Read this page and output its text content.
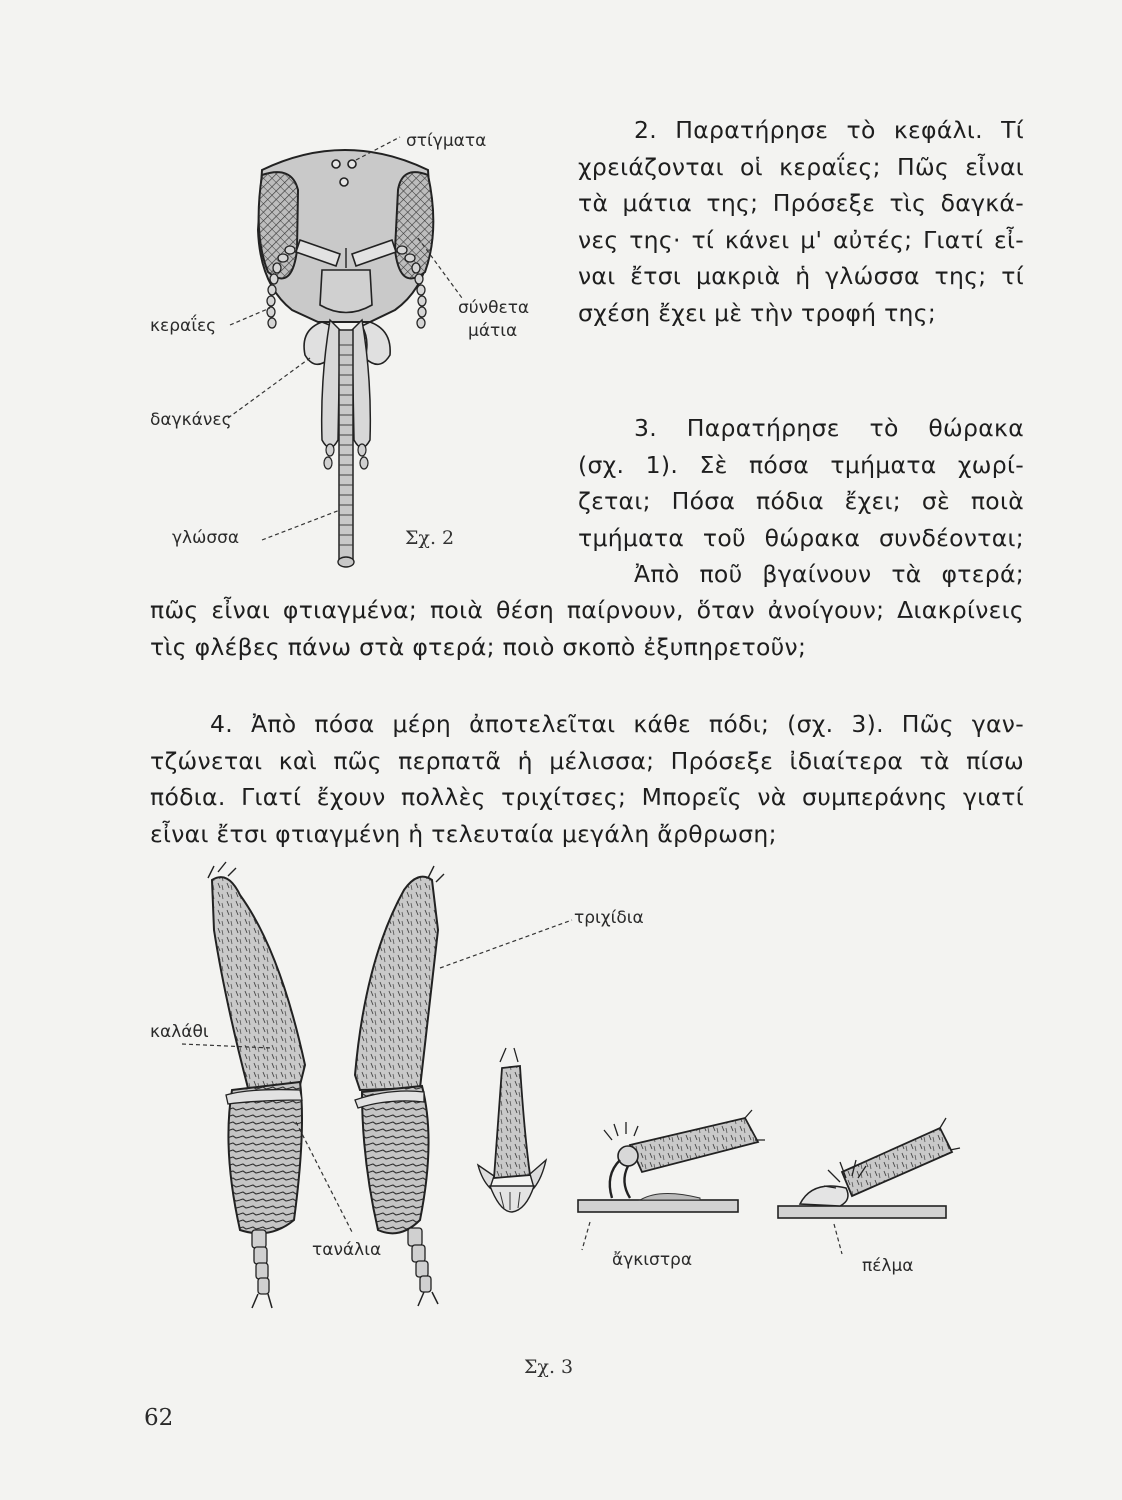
στίγματα
σύνθετα
μάτια
κεραΐες
δαγκάνες
γλώσσα	Σχ. 2
2. Παρατήρησε τὸ κεφάλι. Τί
χρειάζονται οἱ κεραΐες; Πῶς εἶναι
τὰ μάτια της; Πρόσεξε τὶς δαγκά-
νες της· τί κάνει μ' αὐτές; Γιατί εἶ-
ναι ἔτσι μακριὰ ἡ γλώσσα της; τί
σχέση ἔχει μὲ τὴν τροφή της;
3. Παρατήρησε τὸ θώρακα
(σχ. 1). Σὲ πόσα τμήματα χωρί-
ζεται; Πόσα πόδια ἔχει; σὲ ποιὰ
τμήματα τοῦ θώρακα συνδέονται;
Ἀπὸ ποῦ βγαίνουν τὰ φτερά;
πῶς εἶναι φτιαγμένα; ποιὰ θέση παίρνουν, ὅταν ἀνοίγουν; Διακρίνεις
τὶς φλέβες πάνω στὰ φτερά; ποιὸ σκοπὸ ἐξυπηρετοῦν;
4. Ἀπὸ πόσα μέρη ἀποτελεῖται κάθε πόδι; (σχ. 3). Πῶς γαν-
τζώνεται καὶ πῶς περπατᾶ ἡ μέλισσα; Πρόσεξε ἰδιαίτερα τὰ πίσω
πόδια. Γιατί ἔχουν πολλὲς τριχίτσες; Μπορεῖς νὰ συμπεράνης γιατί
εἶναι ἔτσι φτιαγμένη ἡ τελευταία μεγάλη ἄρθρωση;
τριχίδια
καλάθι
τανάλια	ἄγκιστρα	πέλμα
Σχ. 3
62
